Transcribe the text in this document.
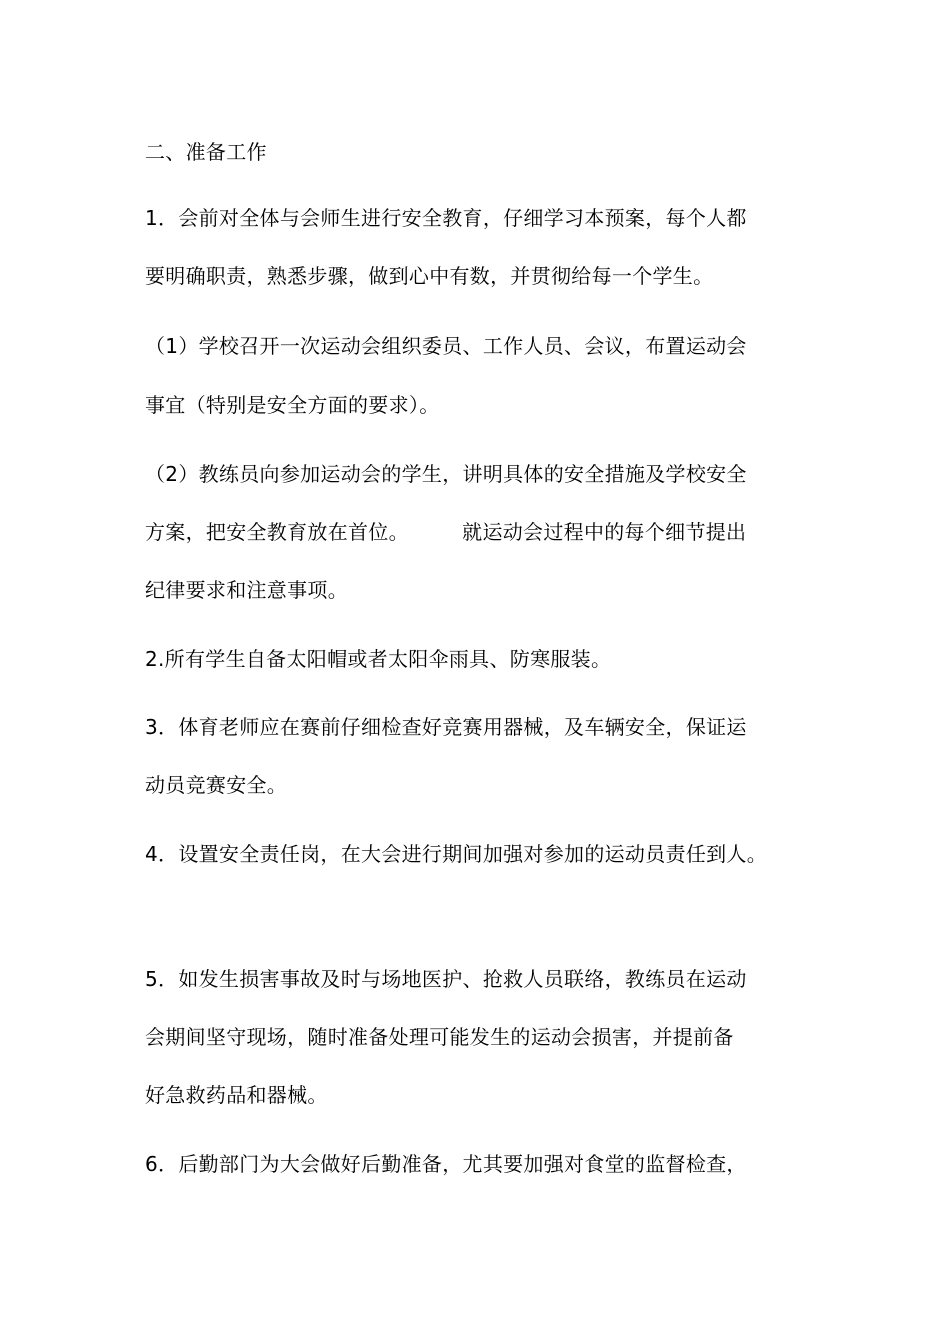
二、准备工作
1．会前对全体与会师生进行安全教育，仔细学习本预案，每个人都
要明确职责，熟悉步骤，做到心中有数，并贯彻给每一个学生。
（1）学校召开一次运动会组织委员、工作人员、会议，布置运动会
事宜（特别是安全方面的要求）。
（2）教练员向参加运动会的学生，讲明具体的安全措施及学校安全
方案，把安全教育放在首位。        就运动会过程中的每个细节提出
纪律要求和注意事项。
2.所有学生自备太阳帽或者太阳伞雨具、防寒服装。
3．体育老师应在赛前仔细检查好竞赛用器械，及车辆安全，保证运
动员竞赛安全。
4．设置安全责任岗，在大会进行期间加强对参加的运动员责任到人。
5．如发生损害事故及时与场地医护、抢救人员联络，教练员在运动
会期间坚守现场，随时准备处理可能发生的运动会损害，并提前备
好急救药品和器械。
6．后勤部门为大会做好后勤准备，尤其要加强对食堂的监督检查，
